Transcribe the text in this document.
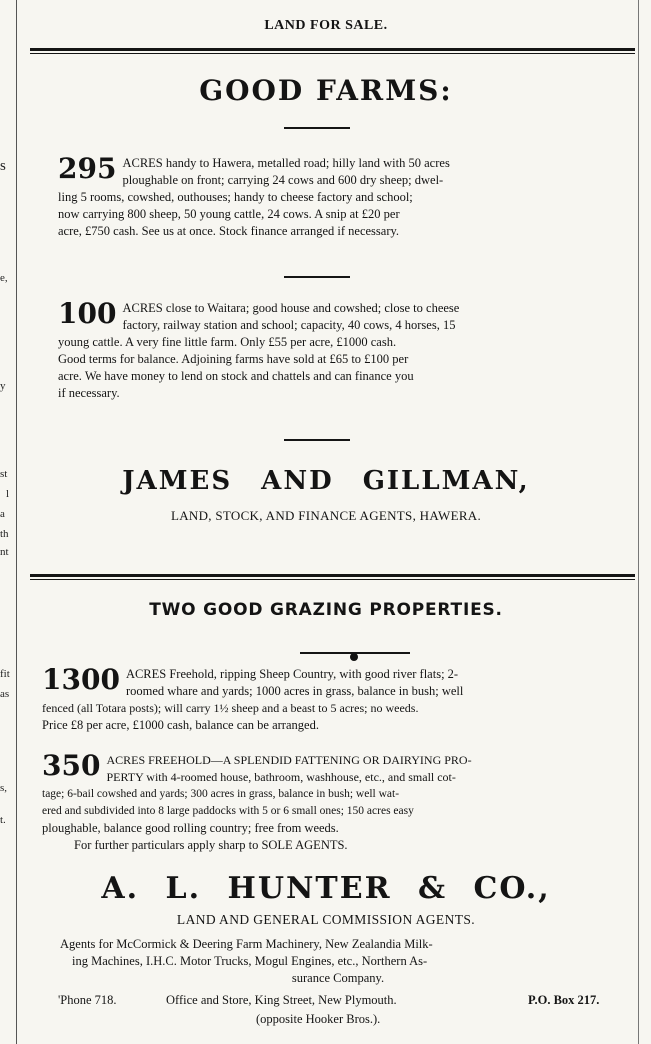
s
e,
y
st
l
a
th
nt
fit
as
s,
t.
LAND FOR SALE.
GOOD FARMS:
295 ACRES handy to Hawera, metalled road; hilly land with 50 acres
ploughable on front; carrying 24 cows and 600 dry sheep; dwel-
ling 5 rooms, cowshed, outhouses; handy to cheese factory and school;
now carrying 800 sheep, 50 young cattle, 24 cows. A snip at £20 per
acre, £750 cash. See us at once. Stock finance arranged if necessary.
100 ACRES close to Waitara; good house and cowshed; close to cheese
factory, railway station and school; capacity, 40 cows, 4 horses, 15
young cattle. A very fine little farm. Only £55 per acre, £1000 cash.
Good terms for balance. Adjoining farms have sold at £65 to £100 per
acre. We have money to lend on stock and chattels and can finance you
if necessary.
JAMES AND GILLMAN,
LAND, STOCK, AND FINANCE AGENTS, HAWERA.
TWO GOOD GRAZING PROPERTIES.
1300 ACRES Freehold, ripping Sheep Country, with good river flats; 2-
roomed whare and yards; 1000 acres in grass, balance in bush; well
fenced (all Totara posts); will carry 1½ sheep and a beast to 5 acres; no weeds.
Price £8 per acre, £1000 cash, balance can be arranged.
350 ACRES FREEHOLD—A SPLENDID FATTENING OR DAIRYING PRO-
PERTY with 4-roomed house, bathroom, washhouse, etc., and small cot-
tage; 6-bail cowshed and yards; 300 acres in grass, balance in bush; well wat-
ered and subdivided into 8 large paddocks with 5 or 6 small ones; 150 acres easy
ploughable, balance good rolling country; free from weeds.
For further particulars apply sharp to SOLE AGENTS.
A. L. HUNTER & CO.,
LAND AND GENERAL COMMISSION AGENTS.
Agents for McCormick & Deering Farm Machinery, New Zealandia Milk-
ing Machines, I.H.C. Motor Trucks, Mogul Engines, etc., Northern As-
surance Company.
'Phone 718.	Office and Store, King Street, New Plymouth.	P.O. Box 217.
(opposite Hooker Bros.).
